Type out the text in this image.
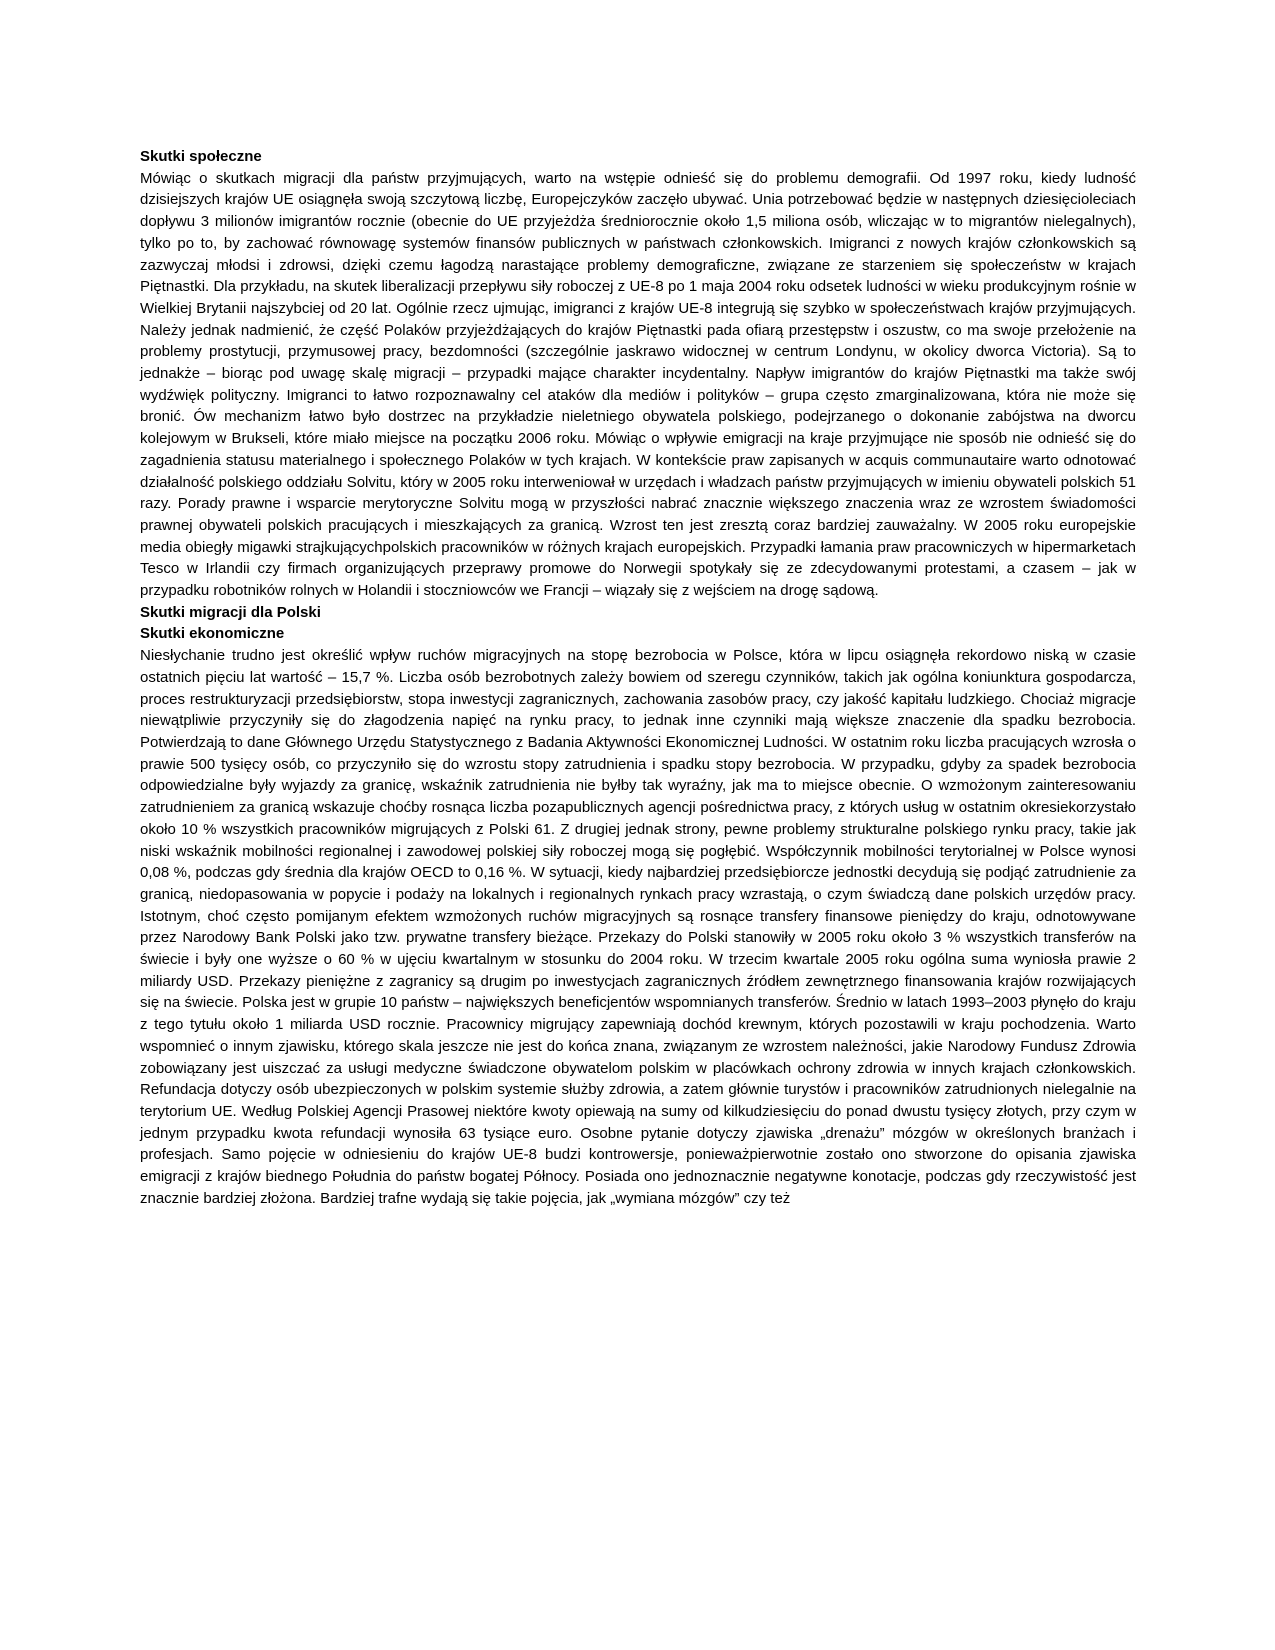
Skutki społeczne

Mówiąc o skutkach migracji dla państw przyjmujących, warto na wstępie odnieść się do problemu demografii. Od 1997 roku, kiedy ludność dzisiejszych krajów UE osiągnęła swoją szczytową liczbę, Europejczyków zaczęło ubywać. Unia potrzebować będzie w następnych dziesięcioleciach dopływu 3 milionów imigrantów rocznie (obecnie do UE przyjeżdża średniorocznie około 1,5 miliona osób, wliczając w to migrantów nielegalnych), tylko po to, by zachować równowagę systemów finansów publicznych w państwach członkowskich. Imigranci z nowych krajów członkowskich są zazwyczaj młodsi i zdrowsi, dzięki czemu łagodzą narastające problemy demograficzne, związane ze starzeniem się społeczeństw w krajach Piętnastki. Dla przykładu, na skutek liberalizacji przepływu siły roboczej z UE-8 po 1 maja 2004 roku odsetek ludności w wieku produkcyjnym rośnie w Wielkiej Brytanii najszybciej od 20 lat. Ogólnie rzecz ujmując, imigranci z krajów UE-8 integrują się szybko w społeczeństwach krajów przyjmujących. Należy jednak nadmienić, że część Polaków przyjeżdżających do krajów Piętnastki pada ofiarą przestępstw i oszustw, co ma swoje przełożenie na problemy prostytucji, przymusowej pracy, bezdomności (szczególnie jaskrawo widocznej w centrum Londynu, w okolicy dworca Victoria). Są to jednakże – biorąc pod uwagę skalę migracji – przypadki mające charakter incydentalny. Napływ imigrantów do krajów Piętnastki ma także swój wydźwięk polityczny. Imigranci to łatwo rozpoznawalny cel ataków dla mediów i polityków – grupa często zmarginalizowana, która nie może się bronić. Ów mechanizm łatwo było dostrzec na przykładzie nieletniego obywatela polskiego, podejrzanego o dokonanie zabójstwa na dworcu kolejowym w Brukseli, które miało miejsce na początku 2006 roku. Mówiąc o wpływie emigracji na kraje przyjmujące nie sposób nie odnieść się do zagadnienia statusu materialnego i społecznego Polaków w tych krajach. W kontekście praw zapisanych w acquis communautaire warto odnotować działalność polskiego oddziału Solvitu, który w 2005 roku interweniował w urzędach i władzach państw przyjmujących w imieniu obywateli polskich 51 razy. Porady prawne i wsparcie merytoryczne Solvitu mogą w przyszłości nabrać znacznie większego znaczenia wraz ze wzrostem świadomości prawnej obywateli polskich pracujących i mieszkających za granicą. Wzrost ten jest zresztą coraz bardziej zauważalny. W 2005 roku europejskie media obiegły migawki strajkującychpolskich pracowników w różnych krajach europejskich. Przypadki łamania praw pracowniczych w hipermarketach Tesco w Irlandii czy firmach organizujących przeprawy promowe do Norwegii spotykały się ze zdecydowanymi protestami, a czasem – jak w przypadku robotników rolnych w Holandii i stoczniowców we Francji – wiązały się z wejściem na drogę sądową.

Skutki migracji dla Polski
Skutki ekonomiczne

Niesłychanie trudno jest określić wpływ ruchów migracyjnych na stopę bezrobocia w Polsce, która w lipcu osiągnęła rekordowo niską w czasie ostatnich pięciu lat wartość – 15,7 %. Liczba osób bezrobotnych zależy bowiem od szeregu czynników, takich jak ogólna koniunktura gospodarcza, proces restrukturyzacji przedsiębiorstw, stopa inwestycji zagranicznych, zachowania zasobów pracy, czy jakość kapitału ludzkiego. Chociaż migracje niewątpliwie przyczyniły się do złagodzenia napięć na rynku pracy, to jednak inne czynniki mają większe znaczenie dla spadku bezrobocia. Potwierdzają to dane Głównego Urzędu Statystycznego z Badania Aktywności Ekonomicznej Ludności. W ostatnim roku liczba pracujących wzrosła o prawie 500 tysięcy osób, co przyczyniło się do wzrostu stopy zatrudnienia i spadku stopy bezrobocia. W przypadku, gdyby za spadek bezrobocia odpowiedzialne były wyjazdy za granicę, wskaźnik zatrudnienia nie byłby tak wyraźny, jak ma to miejsce obecnie. O wzmożonym zainteresowaniu zatrudnieniem za granicą wskazuje choćby rosnąca liczba pozapublicznych agencji pośrednictwa pracy, z których usług w ostatnim okresiekorzystało około 10 % wszystkich pracowników migrujących z Polski 61. Z drugiej jednak strony, pewne problemy strukturalne polskiego rynku pracy, takie jak niski wskaźnik mobilności regionalnej i zawodowej polskiej siły roboczej mogą się pogłębić. Współczynnik mobilności terytorialnej w Polsce wynosi 0,08 %, podczas gdy średnia dla krajów OECD to 0,16 %. W sytuacji, kiedy najbardziej przedsiębiorcze jednostki decydują się podjąć zatrudnienie za granicą, niedopasowania w popycie i podaży na lokalnych i regionalnych rynkach pracy wzrastają, o czym świadczą dane polskich urzędów pracy. Istotnym, choć często pomijanym efektem wzmożonych ruchów migracyjnych są rosnące transfery finansowe pieniędzy do kraju, odnotowywane przez Narodowy Bank Polski jako tzw. prywatne transfery bieżące. Przekazy do Polski stanowiły w 2005 roku około 3 % wszystkich transferów na świecie i były one wyższe o 60 % w ujęciu kwartalnym w stosunku do 2004 roku. W trzecim kwartale 2005 roku ogólna suma wyniosła prawie 2 miliardy USD. Przekazy pieniężne z zagranicy są drugim po inwestycjach zagranicznych źródłem zewnętrznego finansowania krajów rozwijających się na świecie. Polska jest w grupie 10 państw – największych beneficjentów wspomnianych transferów. Średnio w latach 1993–2003 płynęło do kraju z tego tytułu około 1 miliarda USD rocznie. Pracownicy migrujący zapewniają dochód krewnym, których pozostawili w kraju pochodzenia. Warto wspomnieć o innym zjawisku, którego skala jeszcze nie jest do końca znana, związanym ze wzrostem należności, jakie Narodowy Fundusz Zdrowia zobowiązany jest uiszczać za usługi medyczne świadczone obywatelom polskim w placówkach ochrony zdrowia w innych krajach członkowskich. Refundacja dotyczy osób ubezpieczonych w polskim systemie służby zdrowia, a zatem głównie turystów i pracowników zatrudnionych nielegalnie na terytorium UE. Według Polskiej Agencji Prasowej niektóre kwoty opiewają na sumy od kilkudziesięciu do ponad dwustu tysięcy złotych, przy czym w jednym przypadku kwota refundacji wynosiła 63 tysiące euro. Osobne pytanie dotyczy zjawiska „drenażu” mózgów w określonych branżach i profesjach. Samo pojęcie w odniesieniu do krajów UE-8 budzi kontrowersje, ponieważpierwotnie zostało ono stworzone do opisania zjawiska emigracji z krajów biednego Południa do państw bogatej Północy. Posiada ono jednoznacznie negatywne konotacje, podczas gdy rzeczywistość jest znacznie bardziej złożona. Bardziej trafne wydają się takie pojęcia, jak „wymiana mózgów” czy też
